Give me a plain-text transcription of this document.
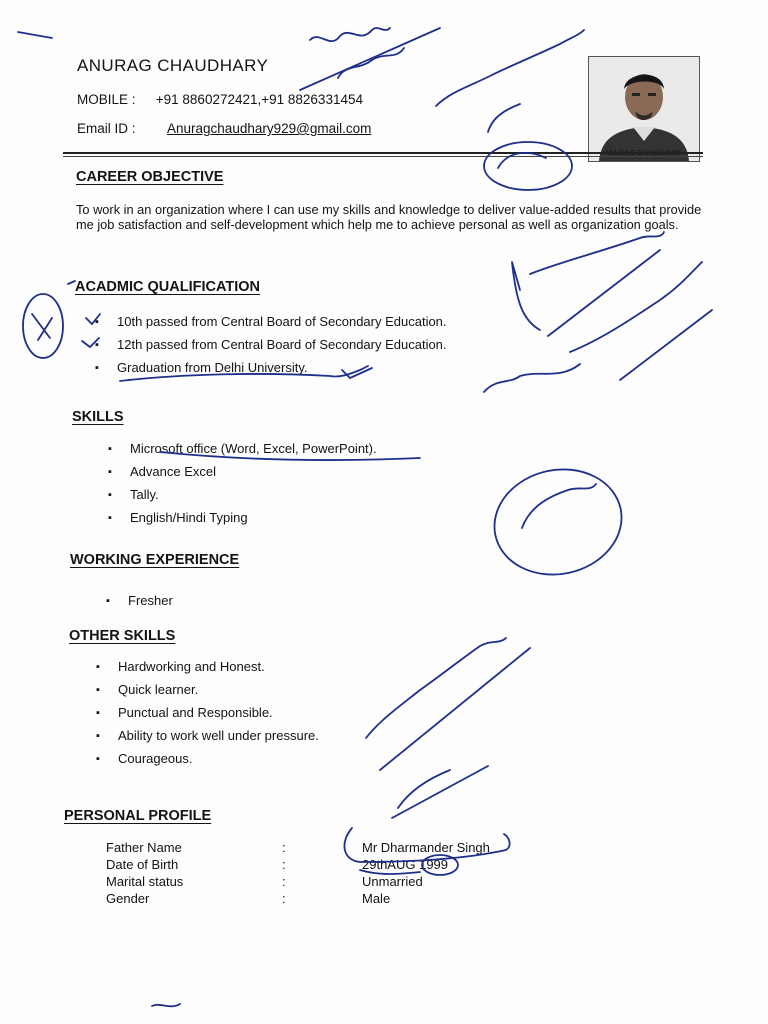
ANURAG CHAUDHARY
MOBILE : +91 8860272421,+91 8826331454
Email ID : Anuragchaudhary929@gmail.com
CAREER OBJECTIVE
To work in an organization where I can use my skills and knowledge to deliver value-added results that provide me job satisfaction and self-development which help me to achieve personal as well as organization goals.
ACADMIC QUALIFICATION
▪ 10th passed from Central Board of Secondary Education.
▪ 12th passed from Central Board of Secondary Education.
▪ Graduation from Delhi University.
SKILLS
▪ Microsoft office (Word, Excel, PowerPoint).
▪ Advance Excel
▪ Tally.
▪ English/Hindi Typing
WORKING EXPERIENCE
▪ Fresher
OTHER SKILLS
▪ Hardworking and Honest.
▪ Quick learner.
▪ Punctual and Responsible.
▪ Ability to work well under pressure.
▪ Courageous.
PERSONAL PROFILE
Father Name	:	Mr Dharmander Singh
Date of Birth	:	29thAUG 1999
Marital status	:	Unmarried
Gender	:	Male
